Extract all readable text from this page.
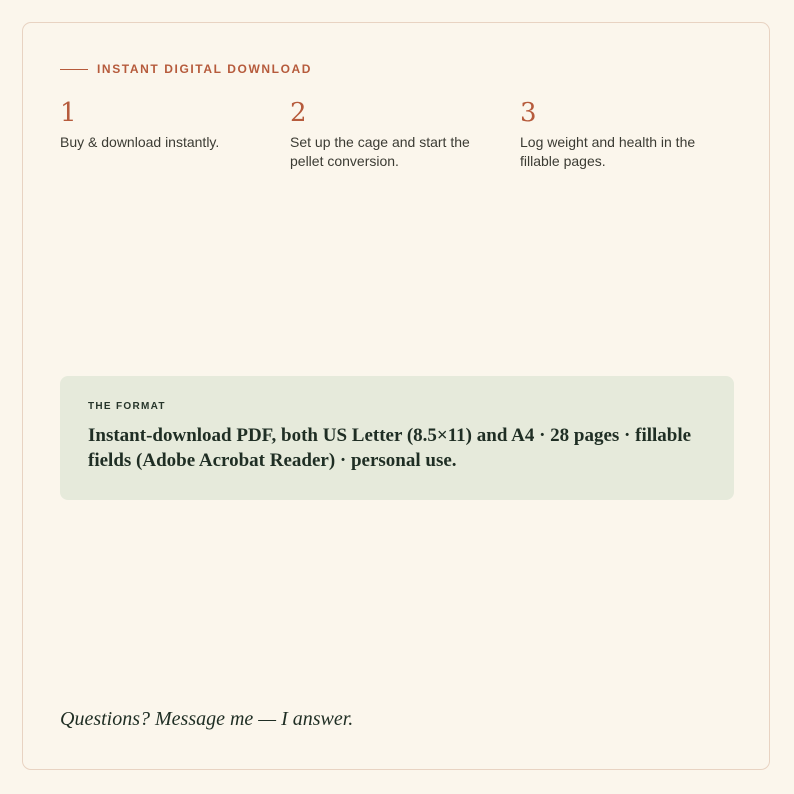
INSTANT DIGITAL DOWNLOAD
1
Buy & download instantly.
2
Set up the cage and start the pellet conversion.
3
Log weight and health in the fillable pages.
THE FORMAT
Instant-download PDF, both US Letter (8.5×11) and A4 · 28 pages · fillable fields (Adobe Acrobat Reader) · personal use.
Questions? Message me — I answer.
